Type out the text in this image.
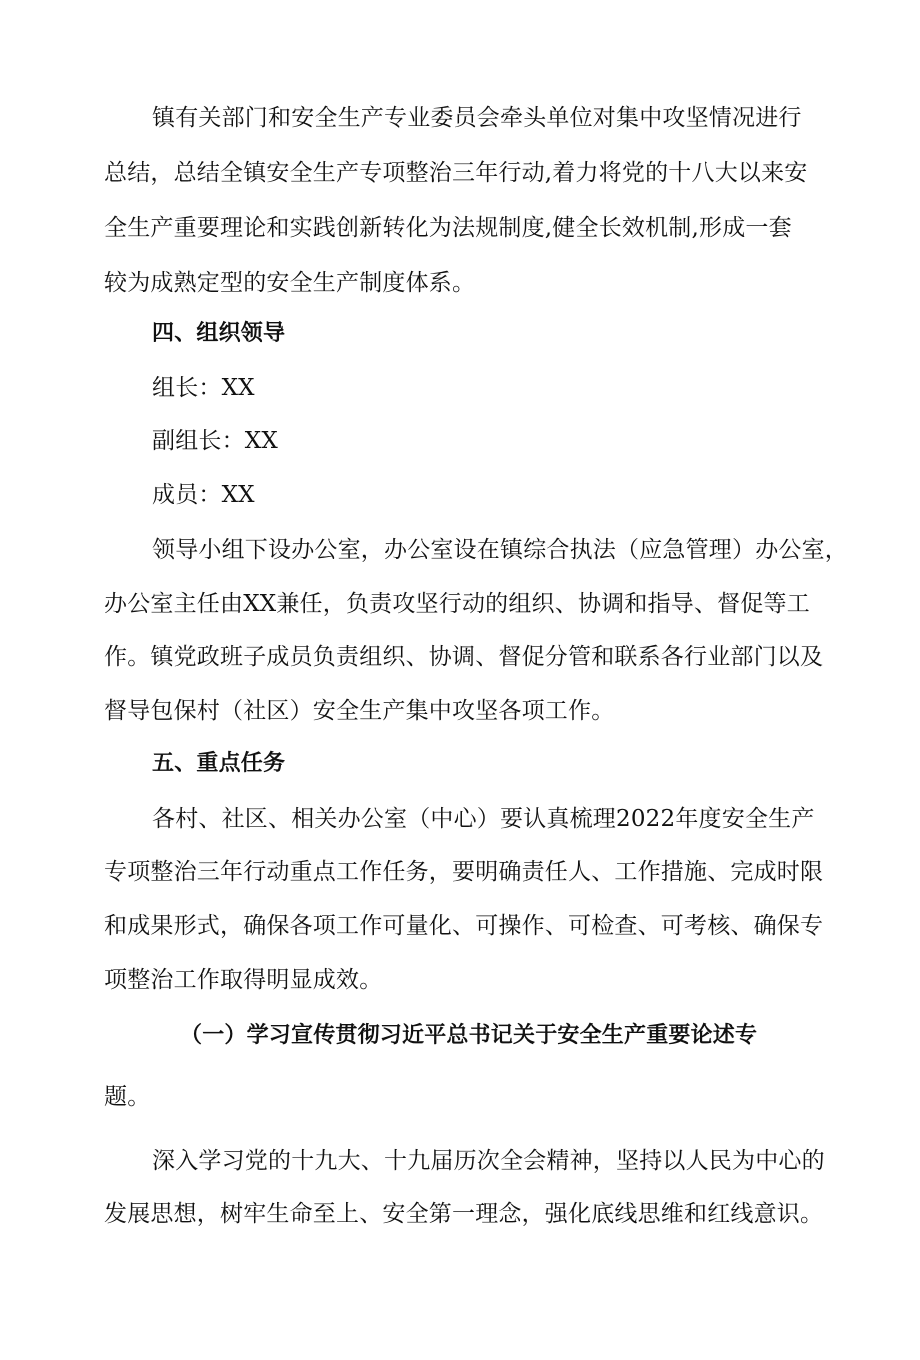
镇有关部门和安全生产专业委员会牵头单位对集中攻坚情况进行
总结，总结全镇安全生产专项整治三年行动,着力将党的十八大以来安
全生产重要理论和实践创新转化为法规制度,健全长效机制,形成一套
较为成熟定型的安全生产制度体系。
四、组织领导
组长：XX
副组长：XX
成员：XX
领导小组下设办公室，办公室设在镇综合执法（应急管理）办公室，
办公室主任由XX兼任，负责攻坚行动的组织、协调和指导、督促等工
作。镇党政班子成员负责组织、协调、督促分管和联系各行业部门以及
督导包保村（社区）安全生产集中攻坚各项工作。
五、重点任务
各村、社区、相关办公室（中心）要认真梳理2022年度安全生产
专项整治三年行动重点工作任务，要明确责任人、工作措施、完成时限
和成果形式，确保各项工作可量化、可操作、可检查、可考核、确保专
项整治工作取得明显成效。
（一）学习宣传贯彻习近平总书记关于安全生产重要论述专
题。
深入学习党的十九大、十九届历次全会精神，坚持以人民为中心的
发展思想，树牢生命至上、安全第一理念，强化底线思维和红线意识。
